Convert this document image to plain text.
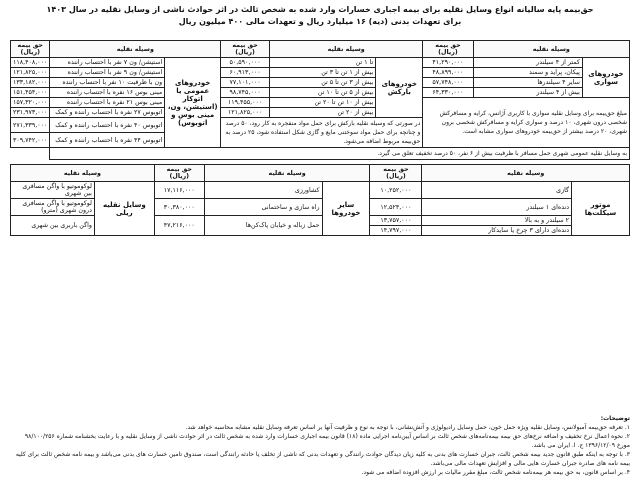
حق‌بیمه پایه سالیانه انواع وسایل نقلیه برای بیمه اجباری خسارات وارد شده به شخص ثالث در اثر حوادث ناشی از وسایل نقلیه در سال ۱۴۰۳
برای تعهدات بدنی (دیه) ۱۶ میلیارد ریال و تعهدات مالی ۴۰۰ میلیون ریال
وسیله نقلیه		حق بیمه (ریال)	وسیله نقلیه		حق بیمه (ریال)	وسیله نقلیه		حق بیمه (ریال)
خودروهای سواری	کمتر از ۴ سیلندر	۴۱,۲۹۰,۰۰۰	خودروهای بارکش	تا ۱ تن	۵۰,۵۹۰,۰۰۰	خودروهای عمومی یا اتوکار (استیشن، ون، مینی بوس و اتوبوس)	استیشن/ ون ۷ نفر با احتساب راننده	۱۱۸,۴۰۸,۰۰۰
	پیکان، پراید و سمند	۴۸,۸۹۹,۰۰۰		بیش از ۱ تن تا ۳ تن	۶۰,۹۱۳,۰۰۰		استیشن/ ون ۹ نفر با احتساب راننده	۱۲۱,۸۲۵,۰۰۰
	سایر ۴ سیلندرها	۵۷,۷۴۸,۰۰۰		بیش از ۳ تن تا ۵ تن	۷۷,۱۰۱,۰۰۰		ون با ظرفیت ۱۰ نفر با احتساب راننده	۱۳۳,۱۸۲,۰۰۰
	بیش از ۴ سیلندر	۶۴,۳۳۰,۰۰۰		بیش از ۵ تن تا ۱۰ تن	۹۸,۷۴۵,۰۰۰		مینی بوس ۱۶ نفره با احتساب راننده	۱۵۱,۴۵۴,۰۰۰
مبلغ حق‌بیمه برای وسایل نقلیه سواری با کاربری آژانس، کرایه و مسافرکش شخصی درون شهری، ۱۰ درصد و سواری کرایه و مسافرکش شخصی برون شهری، ۲۰ درصد بیشتر از حق‌بیمه خودروهای سواری مشابه است.				بیش از ۱۰ تن تا ۲۰ تن	۱۱۹,۴۵۵,۰۰۰		مینی بوس ۲۱ نفره با احتساب راننده	۱۵۷,۳۲۰,۰۰۰
				بیش از ۲۰ تن	۱۲۱,۸۲۵,۰۰۰		اتوبوس ۲۷ نفره با احتساب راننده و کمک	۲۳۱,۹۷۳,۰۰۰
			در صورتی که وسیله نقلیه بارکش برای حمل مواد منفجره به کار رود، ۵۰ درصد و چنانچه برای حمل مواد سوختنی مایع و گازی شکل استفاده شود، ۲۵ درصد به حق‌بیمه مربوط اضافه می‌شود.				اتوبوس ۴۰ نفره با احتساب راننده و کمک	۲۷۱,۳۳۹,۰۰۰
							اتوبوس ۴۴ نفره با احتساب راننده و کمک	۳۰۹,۷۴۲,۰۰۰
به وسایل نقلیه عمومی شهری حمل مسافر با ظرفیت بیش از ۶ نفر، ۵۰ درصد تخفیف تعلق می‌ گیرد.								
وسیله نقلیه		حق بیمه (ریال)	وسیله نقلیه		حق بیمه (ریال)	وسیله نقلیه	
موتور سیکلت‌ها	گازی	۱۰,۲۵۲,۰۰۰	سایر خودروها	کشاورزی	۱۷,۱۱۶,۰۰۰	وسایل نقلیه ریلی	لوکوموتیو با واگن مسافری بین شهری
	دنده‌ای ۱ سیلندر	۱۲,۵۲۴,۰۰۰		راه سازی و ساختمانی	۳۰,۳۸۰,۰۰۰		لوکوموتیو با واگن مسافری درون شهری (مترو)
	۲ سیلندر و به بالا	۱۳,۷۵۷,۰۰۰		حمل زباله و خیابان پاک‌کن‌ها	۴۷,۲۱۶,۰۰۰		واگن باربری بین شهری
	دنده‌ای دارای ۳ چرخ یا سایدکار	۱۴,۷۹۷,۰۰۰					
توضیحات:
۱. تعرفه حق‌بیمه آمبولانس، وسایل نقلیه ویژه حمل خون، حمل وسایل رادیولوژی و آتش‌نشانی، با توجه به نوع و ظرفیت آنها بر اساس تعرفه وسایل نقلیه مشابه محاسبه خواهد شد.
۲. نحوه اعمال نرخ تخفیف و اضافه نرخ‌های حق بیمه بیمه‌نامه‌های شخص ثالث بر اساس آیین‌نامه اجرایی ماده (۱۸) قانون بیمه اجباری خسارات وارد شده به شخص ثالث در اثر حوادث ناشی از وسایل نقلیه و با رعایت بخشنامه شماره ۹۸/۱۰۰/۲۵۶ مورخ ۱۳۹۶/۱۲/۰۹ ج. ا. ایران می باشد.
۳. با توجه به اینکه طبق قانون جدید بیمه شخص ثالث، جبران خسارت های بدنی به کلیه زیان دیدگان حوادث رانندگی و تعهدات بدنی که ناشی از تخلف یا حادثه رانندگی است، صندوق تامین خسارت های بدنی می‌باشد و بیمه نامه شخص ثالث برای کلیه بیمه نامه های صادره جبران خسارت هایی مالی و افزایش تعهدات مالی می‌باشد.
۴. بر اساس قانون، به حق بیمه هر بیمه‌نامه شخص ثالث، مبلغ مقرر مالیات بر ارزش افزوده اضافه می‌ شود.
